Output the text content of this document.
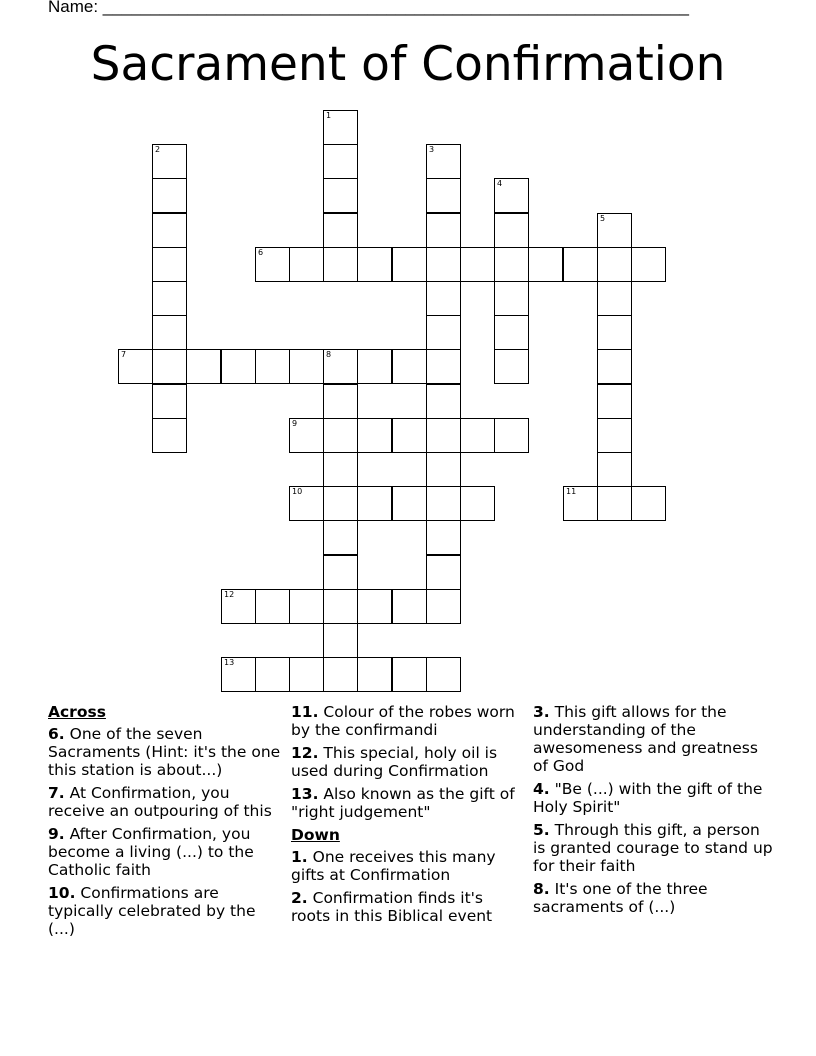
Name: ______________________________________________________________
Sacrament of Confirmation
1
2	3
4
5
6
7	8
9
10	11
12
13
Across
6. One of the seven Sacraments (Hint: it's the one this station is about...)
7. At Confirmation, you receive an outpouring of this
9. After Confirmation, you become a living (...) to the Catholic faith
10. Confirmations are typically celebrated by the (...)
11. Colour of the robes worn by the confirmandi
12. This special, holy oil is used during Confirmation
13. Also known as the gift of "right judgement"
Down
1. One receives this many gifts at Confirmation
2. Confirmation finds it's roots in this Biblical event
3. This gift allows for the understanding of the awesomeness and greatness of God
4. "Be (...) with the gift of the Holy Spirit"
5. Through this gift, a person is granted courage to stand up for their faith
8. It's one of the three sacraments of (...)
